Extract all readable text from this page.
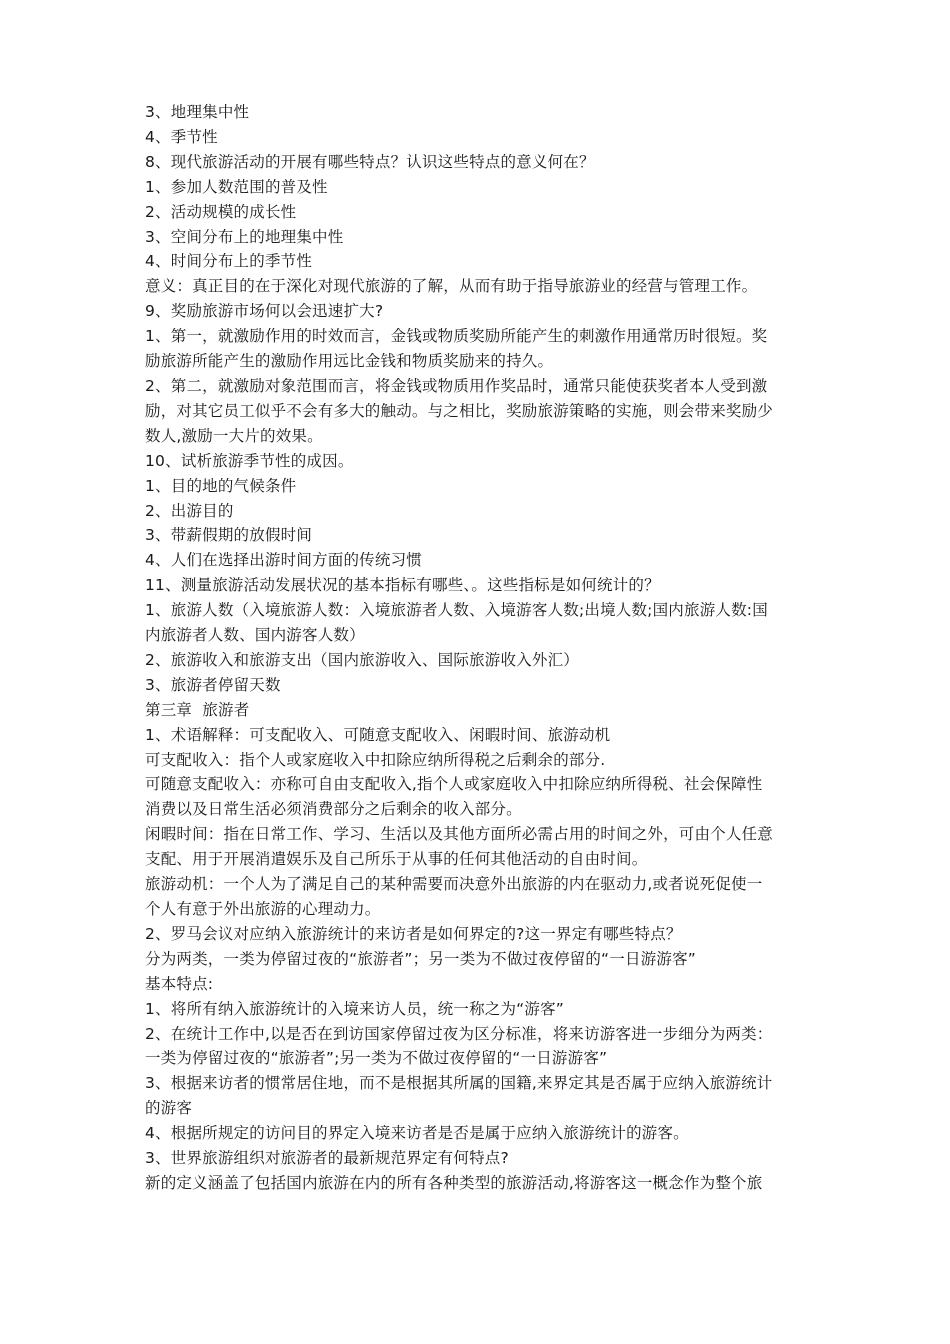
3、地理集中性

4、季节性

8、现代旅游活动的开展有哪些特点？认识这些特点的意义何在？

1、参加人数范围的普及性

2、活动规模的成长性

3、空间分布上的地理集中性

4、时间分布上的季节性

意义：真正目的在于深化对现代旅游的了解，从而有助于指导旅游业的经营与管理工作。

9、奖励旅游市场何以会迅速扩大?

1、第一，就激励作用的时效而言，金钱或物质奖励所能产生的刺激作用通常历时很短。奖

励旅游所能产生的激励作用远比金钱和物质奖励来的持久。

2、第二，就激励对象范围而言，将金钱或物质用作奖品时，通常只能使获奖者本人受到激

励，对其它员工似乎不会有多大的触动。与之相比，奖励旅游策略的实施，则会带来奖励少

数人,激励一大片的效果。

10、试析旅游季节性的成因。

1、目的地的气候条件

2、出游目的

3、带薪假期的放假时间

4、人们在选择出游时间方面的传统习惯

11、测量旅游活动发展状况的基本指标有哪些、。这些指标是如何统计的？

1、旅游人数（入境旅游人数：入境旅游者人数、入境游客人数;出境人数;国内旅游人数:国

内旅游者人数、国内游客人数）

2、旅游收入和旅游支出（国内旅游收入、国际旅游收入外汇）

3、旅游者停留天数

第三章  旅游者

1、术语解释：可支配收入、可随意支配收入、闲暇时间、旅游动机

可支配收入：指个人或家庭收入中扣除应纳所得税之后剩余的部分.

可随意支配收入：亦称可自由支配收入,指个人或家庭收入中扣除应纳所得税、社会保障性

消费以及日常生活必须消费部分之后剩余的收入部分。

闲暇时间：指在日常工作、学习、生活以及其他方面所必需占用的时间之外，可由个人任意

支配、用于开展消遣娱乐及自己所乐于从事的任何其他活动的自由时间。

旅游动机：一个人为了满足自己的某种需要而决意外出旅游的内在驱动力,或者说死促使一

个人有意于外出旅游的心理动力。

2、罗马会议对应纳入旅游统计的来访者是如何界定的?这一界定有哪些特点？

分为两类，一类为停留过夜的“旅游者”；另一类为不做过夜停留的“一日游游客”

基本特点:

1、将所有纳入旅游统计的入境来访人员，统一称之为“游客”

2、在统计工作中,以是否在到访国家停留过夜为区分标准，将来访游客进一步细分为两类：

一类为停留过夜的“旅游者”;另一类为不做过夜停留的“一日游游客”

3、根据来访者的惯常居住地，而不是根据其所属的国籍,来界定其是否属于应纳入旅游统计

的游客

4、根据所规定的访问目的界定入境来访者是否是属于应纳入旅游统计的游客。

3、世界旅游组织对旅游者的最新规范界定有何特点?

新的定义涵盖了包括国内旅游在内的所有各种类型的旅游活动,将游客这一概念作为整个旅
